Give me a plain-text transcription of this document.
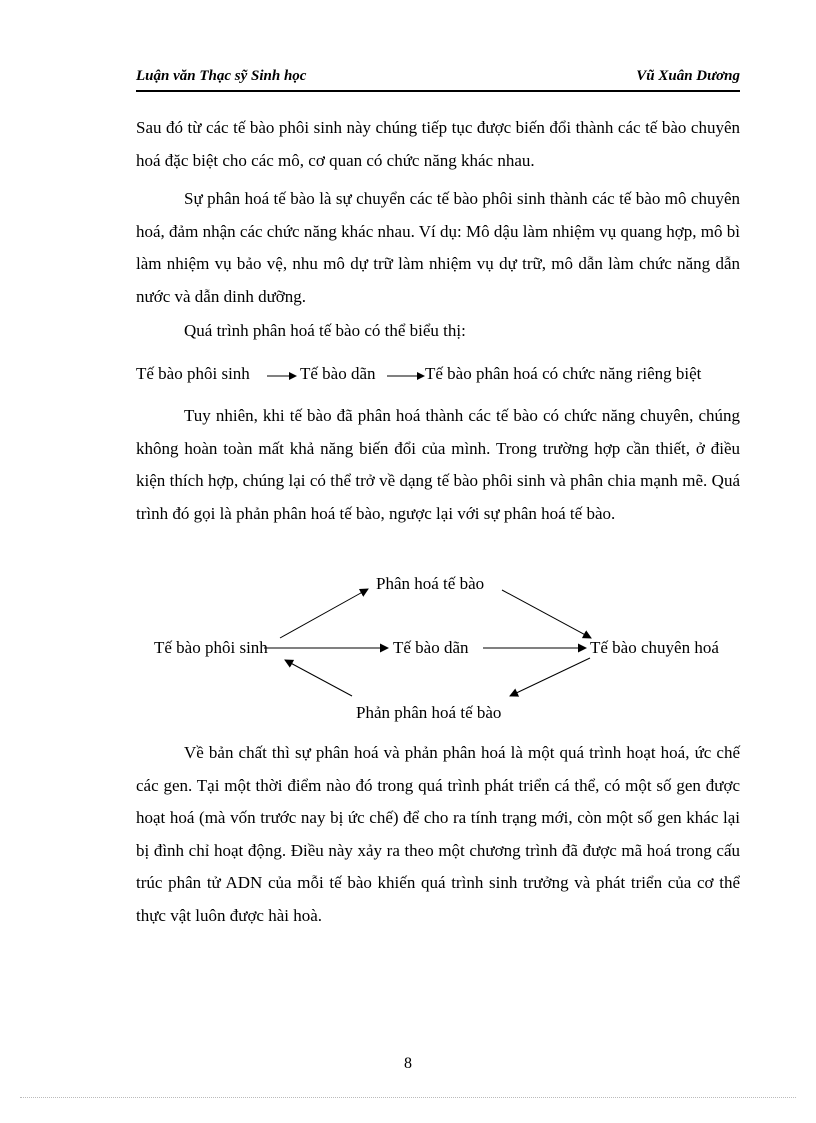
Luận văn Thạc sỹ Sinh học	Vũ Xuân Dương

Sau đó từ các tế bào phôi sinh này chúng tiếp tục được biến đổi thành các tế bào chuyên hoá đặc biệt cho các mô, cơ quan có chức năng khác nhau.

Sự phân hoá tế bào là sự chuyển các tế bào phôi sinh thành các tế bào mô chuyên hoá, đảm nhận các chức năng khác nhau. Ví dụ: Mô dậu làm nhiệm vụ quang hợp, mô bì làm nhiệm vụ bảo vệ, nhu mô dự trữ làm nhiệm vụ dự trữ, mô dẫn làm chức năng dẫn nước và dẫn dinh dưỡng.

Quá trình phân hoá tế bào có thể biểu thị:

Tế bào phôi sinh	Tế bào dãn	Tế bào phân hoá có chức năng riêng biệt

Tuy nhiên, khi tế bào đã phân hoá thành các tế bào có chức năng chuyên, chúng không hoàn toàn mất khả năng biến đổi của mình. Trong trường hợp cần thiết, ở điều kiện thích hợp, chúng lại có thể trở về dạng tế bào phôi sinh và phân chia mạnh mẽ. Quá trình đó gọi là phản phân hoá tế bào, ngược lại với sự phân hoá tế bào.

Phân hoá tế bào
Tế bào phôi sinh	Tế bào dãn	Tế bào chuyên hoá
Phản phân hoá tế bào

Về bản chất thì sự phân hoá và phản phân hoá là một quá trình hoạt hoá, ức chế các gen. Tại một thời điểm nào đó trong quá trình phát triển cá thể, có một số gen được hoạt hoá (mà vốn trước nay bị ức chế) để cho ra tính trạng mới, còn một số gen khác lại bị đình chỉ hoạt động. Điều này xảy ra theo một chương trình đã được mã hoá trong cấu trúc phân tử ADN của mỗi tế bào khiến quá trình sinh trưởng và phát triển của cơ thể thực vật luôn được hài hoà.

8
